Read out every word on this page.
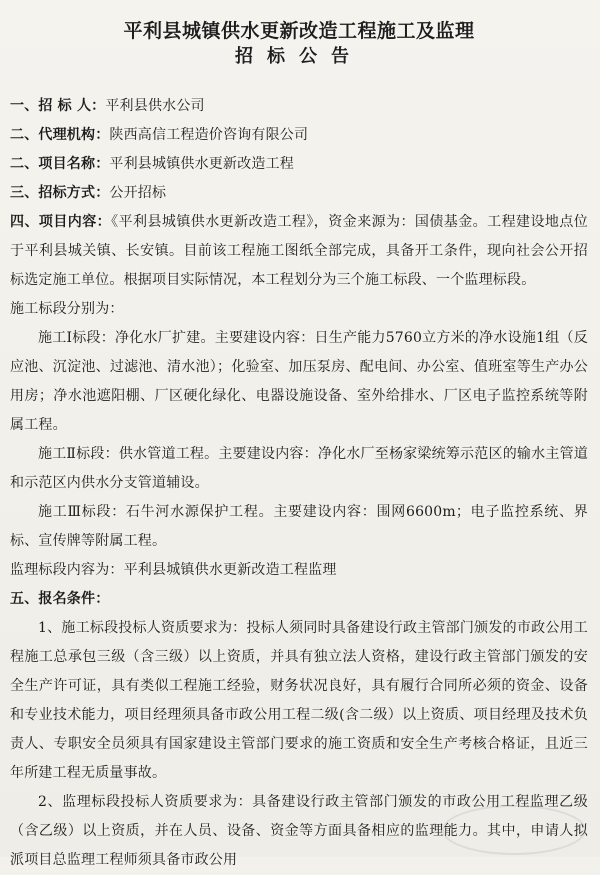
平利县城镇供水更新改造工程施工及监理
招标公告
一、招 标 人：平利县供水公司
二、代理机构：陕西高信工程造价咨询有限公司
二、项目名称：平利县城镇供水更新改造工程
三、招标方式：公开招标
四、项目内容：《平利县城镇供水更新改造工程》，资金来源为：国债基金。工程建设地点位于平利县城关镇、长安镇。目前该工程施工图纸全部完成，具备开工条件，现向社会公开招标选定施工单位。根据项目实际情况，本工程划分为三个施工标段、一个监理标段。
施工标段分别为：
施工Ⅰ标段：净化水厂扩建。主要建设内容：日生产能力5760立方米的净水设施1组（反应池、沉淀池、过滤池、清水池）；化验室、加压泵房、配电间、办公室、值班室等生产办公用房；净水池遮阳棚、厂区硬化绿化、电器设施设备、室外给排水、厂区电子监控系统等附属工程。
施工Ⅱ标段：供水管道工程。主要建设内容：净化水厂至杨家梁统筹示范区的输水主管道和示范区内供水分支管道辅设。
施工Ⅲ标段：石牛河水源保护工程。主要建设内容：围网6600m；电子监控系统、界标、宣传牌等附属工程。
监理标段内容为：平利县城镇供水更新改造工程监理
五、报名条件：
1、施工标段投标人资质要求为：投标人须同时具备建设行政主管部门颁发的市政公用工程施工总承包三级（含三级）以上资质，并具有独立法人资格，建设行政主管部门颁发的安全生产许可证，具有类似工程施工经验，财务状况良好，具有履行合同所必须的资金、设备和专业技术能力，项目经理须具备市政公用工程二级(含二级）以上资质、项目经理及技术负责人、专职安全员须具有国家建设主管部门要求的施工资质和安全生产考核合格证，且近三年所建工程无质量事故。
2、监理标段投标人资质要求为：具备建设行政主管部门颁发的市政公用工程监理乙级（含乙级）以上资质，并在人员、设备、资金等方面具备相应的监理能力。其中，申请人拟派项目总监理工程师须具备市政公用
